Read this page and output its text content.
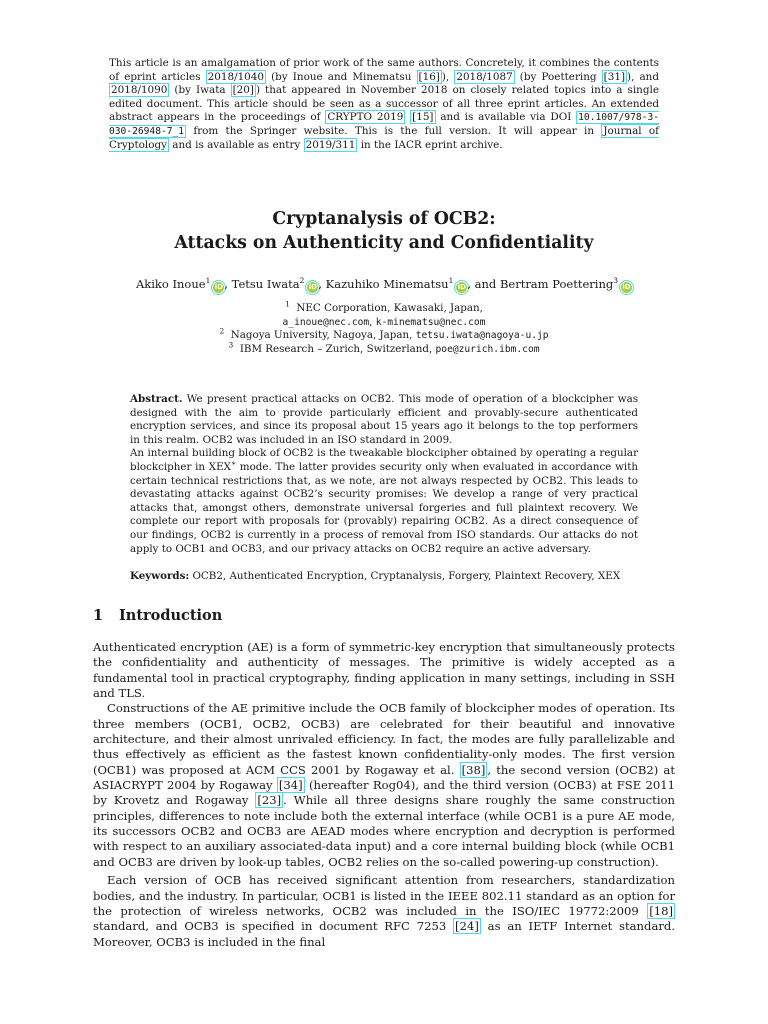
This article is an amalgamation of prior work of the same authors. Concretely, it combines the contents of eprint articles 2018/1040 (by Inoue and Minematsu [16] ), 2018/1087 (by Poettering [31] ), and 2018/1090 (by Iwata [20] ) that appeared in November 2018 on closely related topics into a single edited document. This article should be seen as a successor of all three eprint articles. An extended abstract appears in the proceedings of CRYPTO 2019 [15] and is available via DOI 10.1007/978-3-030-26948-7_1 from the Springer website. This is the full version. It will appear in Journal of Cryptology and is available as entry 2019/311 in the IACR eprint archive.
Cryptanalysis of OCB2:
Attacks on Authenticity and Confidentiality
Akiko Inoue$^1$iD, Tetsu Iwata$^2$iD, Kazuhiko Minematsu$^1$iD, and Bertram Poettering$^3$iD
$^1$ NEC Corporation, Kawasaki, Japan,
a_inoue@nec.com, k-minematsu@nec.com
$^2$ Nagoya University, Nagoya, Japan, tetsu.iwata@nagoya-u.jp
$^3$ IBM Research – Zurich, Switzerland, poe@zurich.ibm.com

Abstract. We present practical attacks on OCB2. This mode of operation of a blockcipher was designed with the aim to provide particularly efficient and provably-secure authenticated encryption services, and since its proposal about 15 years ago it belongs to the top performers in this realm. OCB2 was included in an ISO standard in 2009.

An internal building block of OCB2 is the tweakable blockcipher obtained by operating a regular blockcipher in XEX∗ mode. The latter provides security only when evaluated in accordance with certain technical restrictions that, as we note, are not always respected by OCB2. This leads to devastating attacks against OCB2’s security promises: We develop a range of very practical attacks that, amongst others, demonstrate universal forgeries and full plaintext recovery. We complete our report with proposals for (provably) repairing OCB2. As a direct consequence of our findings, OCB2 is currently in a process of removal from ISO standards. Our attacks do not apply to OCB1 and OCB3, and our privacy attacks on OCB2 require an active adversary.

Keywords: OCB2, Authenticated Encryption, Cryptanalysis, Forgery, Plaintext Recovery, XEX
1 Introduction

Authenticated encryption (AE) is a form of symmetric-key encryption that simultaneously protects the confidentiality and authenticity of messages. The primitive is widely accepted as a fundamental tool in practical cryptography, finding application in many settings, including in SSH and TLS.

Constructions of the AE primitive include the OCB family of blockcipher modes of operation. Its three members (OCB1, OCB2, OCB3) are celebrated for their beautiful and innovative architecture, and their almost unrivaled efficiency. In fact, the modes are fully parallelizable and thus effectively as efficient as the fastest known confidentiality-only modes. The first version (OCB1) was proposed at ACM CCS 2001 by Rogaway et al. [38] , the second version (OCB2) at ASIACRYPT 2004 by Rogaway [34] (hereafter Rog04), and the third version (OCB3) at FSE 2011 by Krovetz and Rogaway [23] . While all three designs share roughly the same construction principles, differences to note include both the external interface (while OCB1 is a pure AE mode, its successors OCB2 and OCB3 are AEAD modes where encryption and decryption is performed with respect to an auxiliary associated-data input) and a core internal building block (while OCB1 and OCB3 are driven by look-up tables, OCB2 relies on the so-called powering-up construction).

Each version of OCB has received significant attention from researchers, standardization bodies, and the industry. In particular, OCB1 is listed in the IEEE 802.11 standard as an option for the protection of wireless networks, OCB2 was included in the ISO/IEC 19772:2009 [18] standard, and OCB3 is specified in document RFC 7253 [24] as an IETF Internet standard. Moreover, OCB3 is included in the final
